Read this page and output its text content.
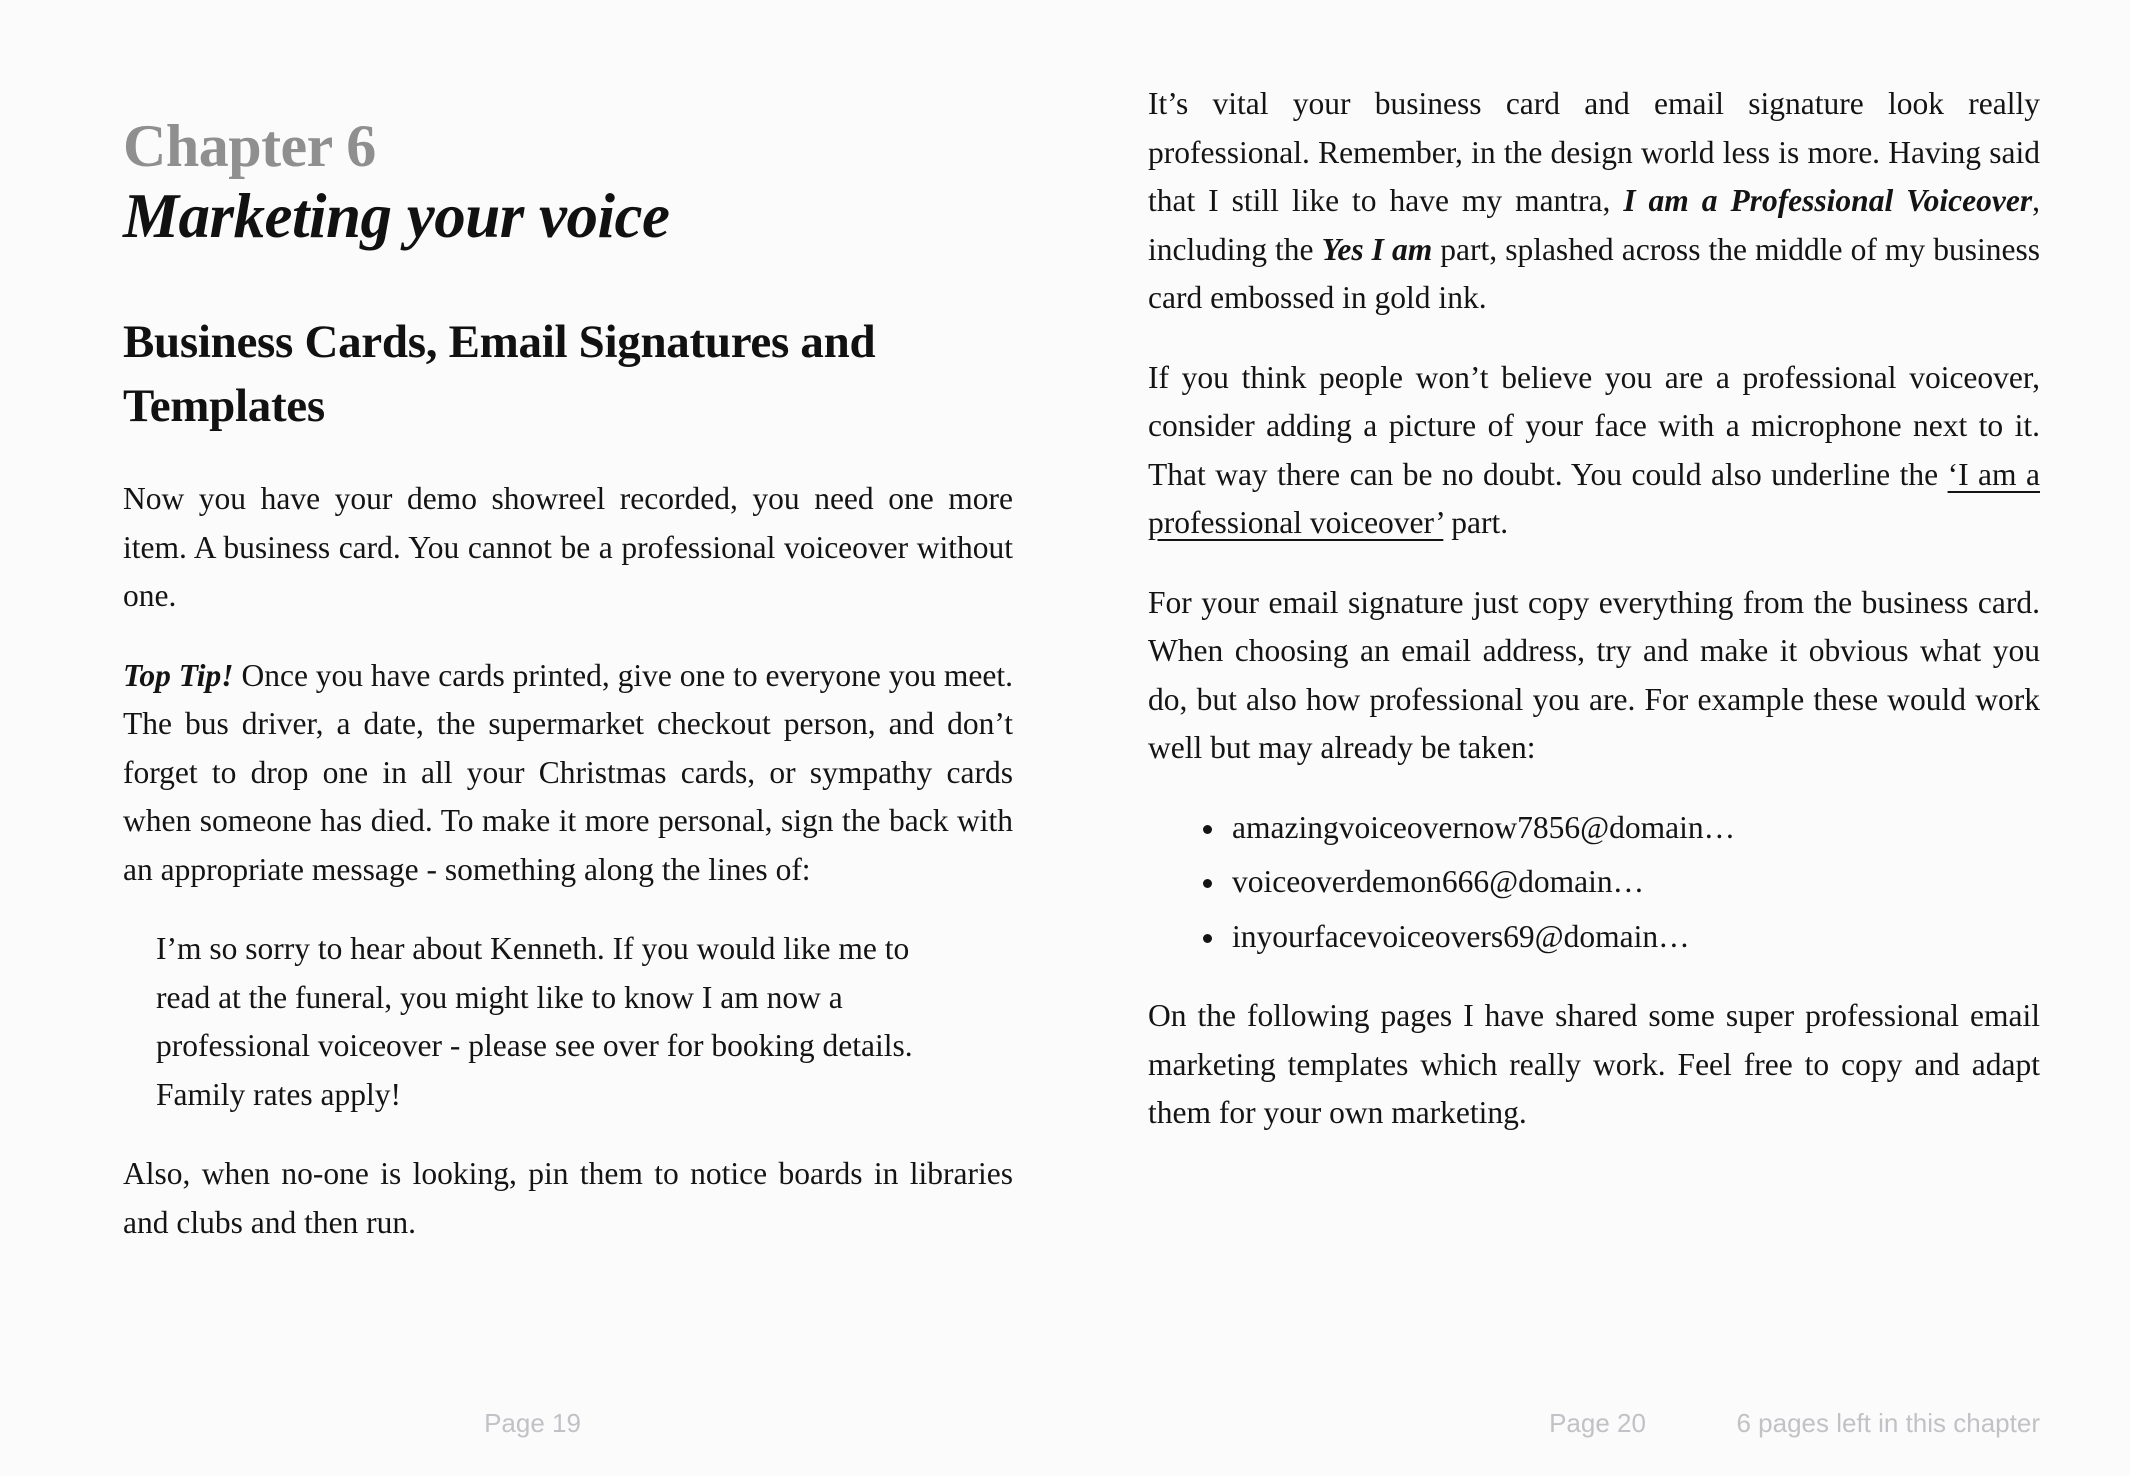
Chapter 6
Marketing your voice
Business Cards, Email Signatures and
Templates

Now you have your demo showreel recorded, you need one more item. A business card. You cannot be a professional voiceover without one.

Top Tip! Once you have cards printed, give one to everyone you meet. The bus driver, a date, the supermarket checkout person, and don’t forget to drop one in all your Christmas cards, or sympathy cards when someone has died. To make it more personal, sign the back with an appropriate message - something along the lines of:

I’m so sorry to hear about Kenneth. If you would like me to read at the funeral, you might like to know I am now a professional voiceover - please see over for booking details. Family rates apply!

Also, when no-one is looking, pin them to notice boards in libraries and clubs and then run.

It’s vital your business card and email signature look really professional. Remember, in the design world less is more. Having said that I still like to have my mantra, I am a Professional Voiceover, including the Yes I am part, splashed across the middle of my business card embossed in gold ink.

If you think people won’t believe you are a professional voiceover, consider adding a picture of your face with a microphone next to it. That way there can be no doubt. You could also underline the ‘I am a professional voiceover’ part.

For your email signature just copy everything from the business card. When choosing an email address, try and make it obvious what you do, but also how professional you are. For example these would work well but may already be taken:

• amazingvoiceovernow7856@domain…
• voiceoverdemon666@domain…
• inyourfacevoiceovers69@domain…

On the following pages I have shared some super professional email marketing templates which really work. Feel free to copy and adapt them for your own marketing.

Page 19	Page 20	6 pages left in this chapter
